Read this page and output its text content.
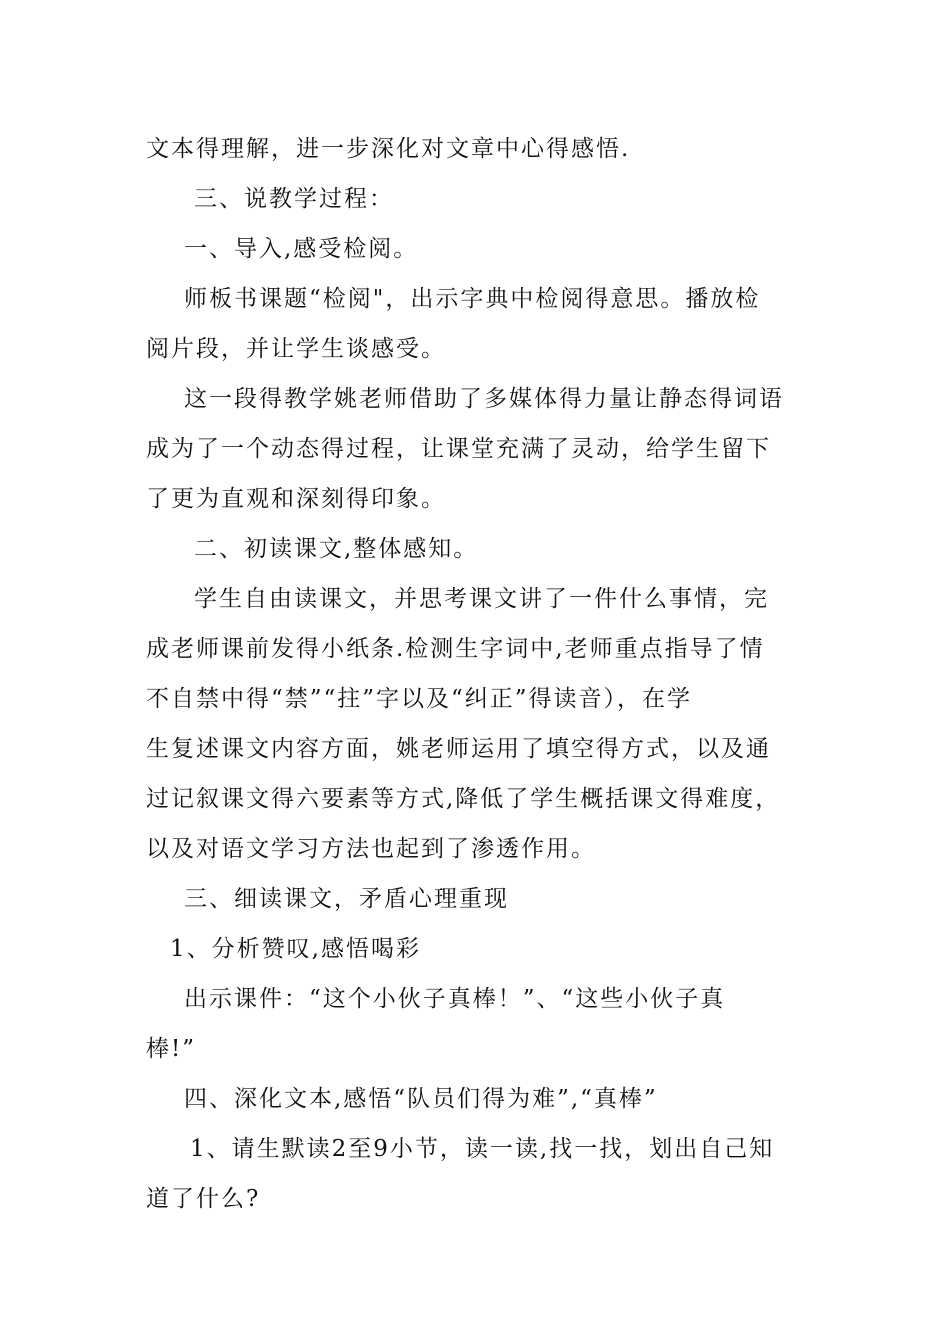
文本得理解，进一步深化对文章中心得感悟.
三、说教学过程：
一、导入,感受检阅。
师板书课题“检阅"，出示字典中检阅得意思。播放检
阅片段，并让学生谈感受。
这一段得教学姚老师借助了多媒体得力量让静态得词语
成为了一个动态得过程，让课堂充满了灵动，给学生留下
了更为直观和深刻得印象。
二、初读课文,整体感知。
学生自由读课文，并思考课文讲了一件什么事情，完
成老师课前发得小纸条.检测生字词中,老师重点指导了情
不自禁中得“禁”“拄”字以及“纠正”得读音），在学
生复述课文内容方面，姚老师运用了填空得方式，以及通
过记叙课文得六要素等方式,降低了学生概括课文得难度，
以及对语文学习方法也起到了渗透作用。
三、细读课文，矛盾心理重现
1、分析赞叹,感悟喝彩
出示课件：“这个小伙子真棒！”、“这些小伙子真
棒!”
四、深化文本,感悟“队员们得为难”,“真棒”
1、请生默读2至9小节，读一读,找一找，划出自己知
道了什么?
